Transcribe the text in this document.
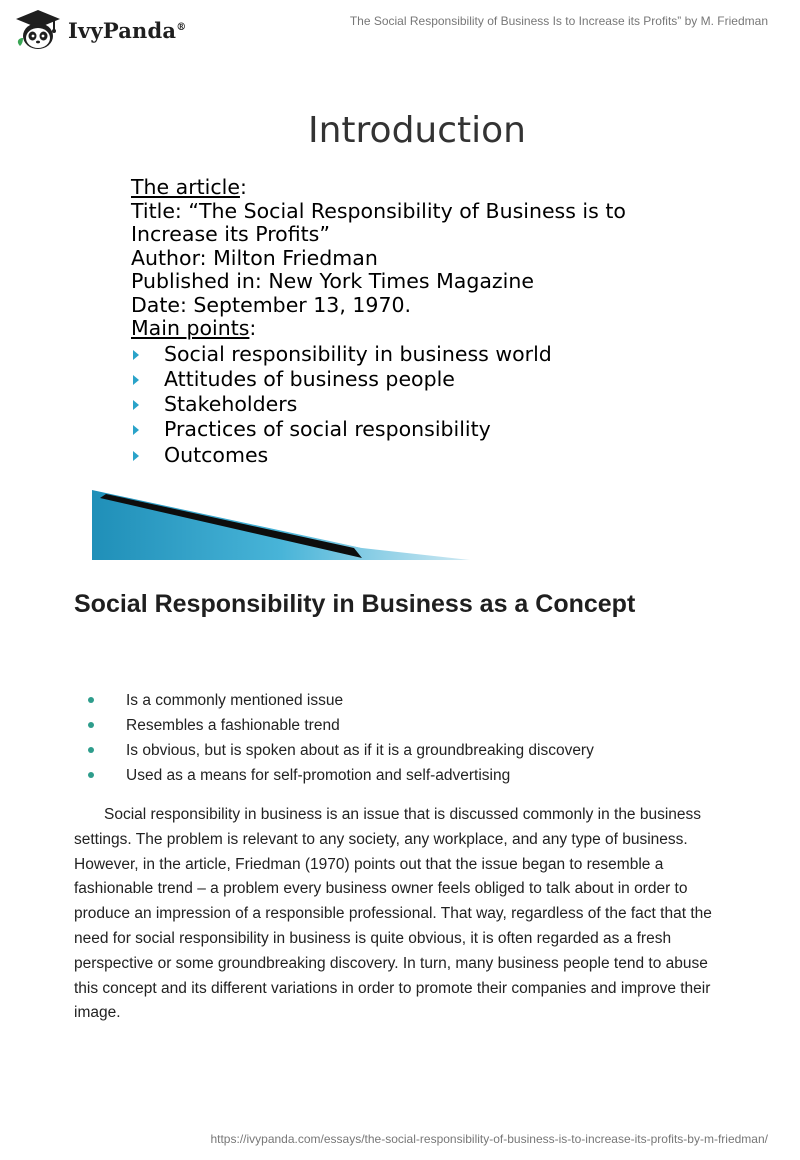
IvyPanda®	The Social Responsibility of Business Is to Increase its Profits” by M. Friedman
Introduction
The article:
Title: “The Social Responsibility of Business is to
Increase its Profits”
Author: Milton Friedman
Published in: New York Times Magazine
Date: September 13, 1970.
Main points:
Social responsibility in business world
Attitudes of business people
Stakeholders
Practices of social responsibility
Outcomes
Social Responsibility in Business as a Concept
Is a commonly mentioned issue
Resembles a fashionable trend
Is obvious, but is spoken about as if it is a groundbreaking discovery
Used as a means for self-promotion and self-advertising

Social responsibility in business is an issue that is discussed commonly in the business settings. The problem is relevant to any society, any workplace, and any type of business. However, in the article, Friedman (1970) points out that the issue began to resemble a fashionable trend – a problem every business owner feels obliged to talk about in order to produce an impression of a responsible professional. That way, regardless of the fact that the need for social responsibility in business is quite obvious, it is often regarded as a fresh perspective or some groundbreaking discovery. In turn, many business people tend to abuse this concept and its different variations in order to promote their companies and improve their image.

https://ivypanda.com/essays/the-social-responsibility-of-business-is-to-increase-its-profits-by-m-friedman/
